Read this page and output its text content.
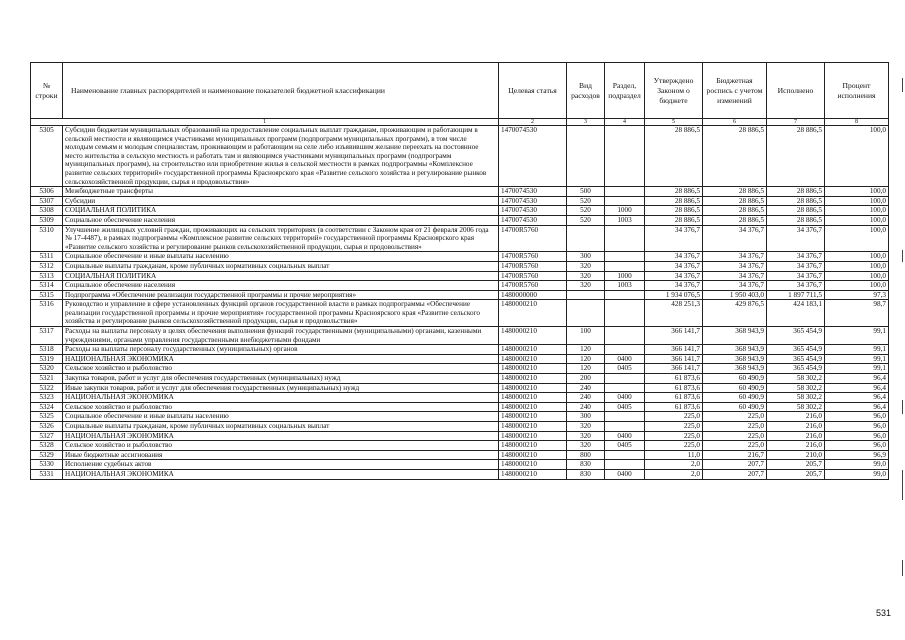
№ строки	Наименование главных распорядителей и наименование показателей бюджетной классификации	Целевая статья	Вид расходов	Раздел, подраздел	Утверждено Законом о бюджете	Бюджетная роспись с учетом изменений	Исполнено	Процент исполнения
1		2	3	4	5	6	7	8
5305	Субсидии бюджетам муниципальных образований на предоставление социальных выплат гражданам, проживающим и работающим в сельской местности и являющимся участниками муниципальных программ (подпрограмм муниципальных программ), в том числе молодым семьям и молодым специалистам, проживающим и работающим на селе либо изъявившим желание переехать на постоянное место жительства в сельскую местность и работать там и являющимся участниками муниципальных программ (подпрограмм муниципальных программ), на строительство или приобретение жилья в сельской местности в рамках подпрограммы «Комплексное развитие сельских территорий» государственной программы Красноярского края «Развитие сельского хозяйства и регулирование рынков сельскохозяйственной продукции, сырья и продовольствия»	1470074530			28 886,5	28 886,5	28 886,5	100,0
5306	Межбюджетные трансферты	1470074530	500		28 886,5	28 886,5	28 886,5	100,0
5307	Субсидии	1470074530	520		28 886,5	28 886,5	28 886,5	100,0
5308	СОЦИАЛЬНАЯ ПОЛИТИКА	1470074530	520	1000	28 886,5	28 886,5	28 886,5	100,0
5309	Социальное обеспечение населения	1470074530	520	1003	28 886,5	28 886,5	28 886,5	100,0
5310	Улучшение жилищных условий граждан, проживающих на сельских территориях (в соответствии с Законом края от 21 февраля 2006 года № 17-4487), в рамках подпрограммы «Комплексное развитие сельских территорий» государственной программы Красноярского края «Развитие сельского хозяйства и регулирование рынков сельскохозяйственной продукции, сырья и продовольствия»	14700R5760			34 376,7	34 376,7	34 376,7	100,0
5311	Социальное обеспечение и иные выплаты населению	14700R5760	300		34 376,7	34 376,7	34 376,7	100,0
5312	Социальные выплаты гражданам, кроме публичных нормативных социальных выплат	14700R5760	320		34 376,7	34 376,7	34 376,7	100,0
5313	СОЦИАЛЬНАЯ ПОЛИТИКА	14700R5760	320	1000	34 376,7	34 376,7	34 376,7	100,0
5314	Социальное обеспечение населения	14700R5760	320	1003	34 376,7	34 376,7	34 376,7	100,0
5315	Подпрограмма «Обеспечение реализации государственной программы и прочие мероприятия»	1480000000			1 934 076,5	1 950 403,0	1 897 711,5	97,3
5316	Руководство и управление в сфере установленных функций органов государственной власти в рамках подпрограммы «Обеспечение реализации государственной программы и прочие мероприятия» государственной программы Красноярского края «Развитие сельского хозяйства и регулирование рынков сельскохозяйственной продукции, сырья и продовольствия»	1480000210			428 251,3	429 876,5	424 183,1	98,7
5317	Расходы на выплаты персоналу в целях обеспечения выполнения функций государственными (муниципальными) органами, казенными учреждениями, органами управления государственными внебюджетными фондами	1480000210	100		366 141,7	368 943,9	365 454,9	99,1
5318	Расходы на выплаты персоналу государственных (муниципальных) органов	1480000210	120		366 141,7	368 943,9	365 454,9	99,1
5319	НАЦИОНАЛЬНАЯ ЭКОНОМИКА	1480000210	120	0400	366 141,7	368 943,9	365 454,9	99,1
5320	Сельское хозяйство и рыболовство	1480000210	120	0405	366 141,7	368 943,9	365 454,9	99,1
5321	Закупка товаров, работ и услуг для обеспечения государственных (муниципальных) нужд	1480000210	200		61 873,6	60 490,9	58 302,2	96,4
5322	Иные закупки товаров, работ и услуг для обеспечения государственных (муниципальных) нужд	1480000210	240		61 873,6	60 490,9	58 302,2	96,4
5323	НАЦИОНАЛЬНАЯ ЭКОНОМИКА	1480000210	240	0400	61 873,6	60 490,9	58 302,2	96,4
5324	Сельское хозяйство и рыболовство	1480000210	240	0405	61 873,6	60 490,9	58 302,2	96,4
5325	Социальное обеспечение и иные выплаты населению	1480000210	300		225,0	225,0	216,0	96,0
5326	Социальные выплаты гражданам, кроме публичных нормативных социальных выплат	1480000210	320		225,0	225,0	216,0	96,0
5327	НАЦИОНАЛЬНАЯ ЭКОНОМИКА	1480000210	320	0400	225,0	225,0	216,0	96,0
5328	Сельское хозяйство и рыболовство	1480000210	320	0405	225,0	225,0	216,0	96,0
5329	Иные бюджетные ассигнования	1480000210	800		11,0	216,7	210,0	96,9
5330	Исполнение судебных актов	1480000210	830		2,0	207,7	205,7	99,0
5331	НАЦИОНАЛЬНАЯ ЭКОНОМИКА	1480000210	830	0400	2,0	207,7	205,7	99,0
531
